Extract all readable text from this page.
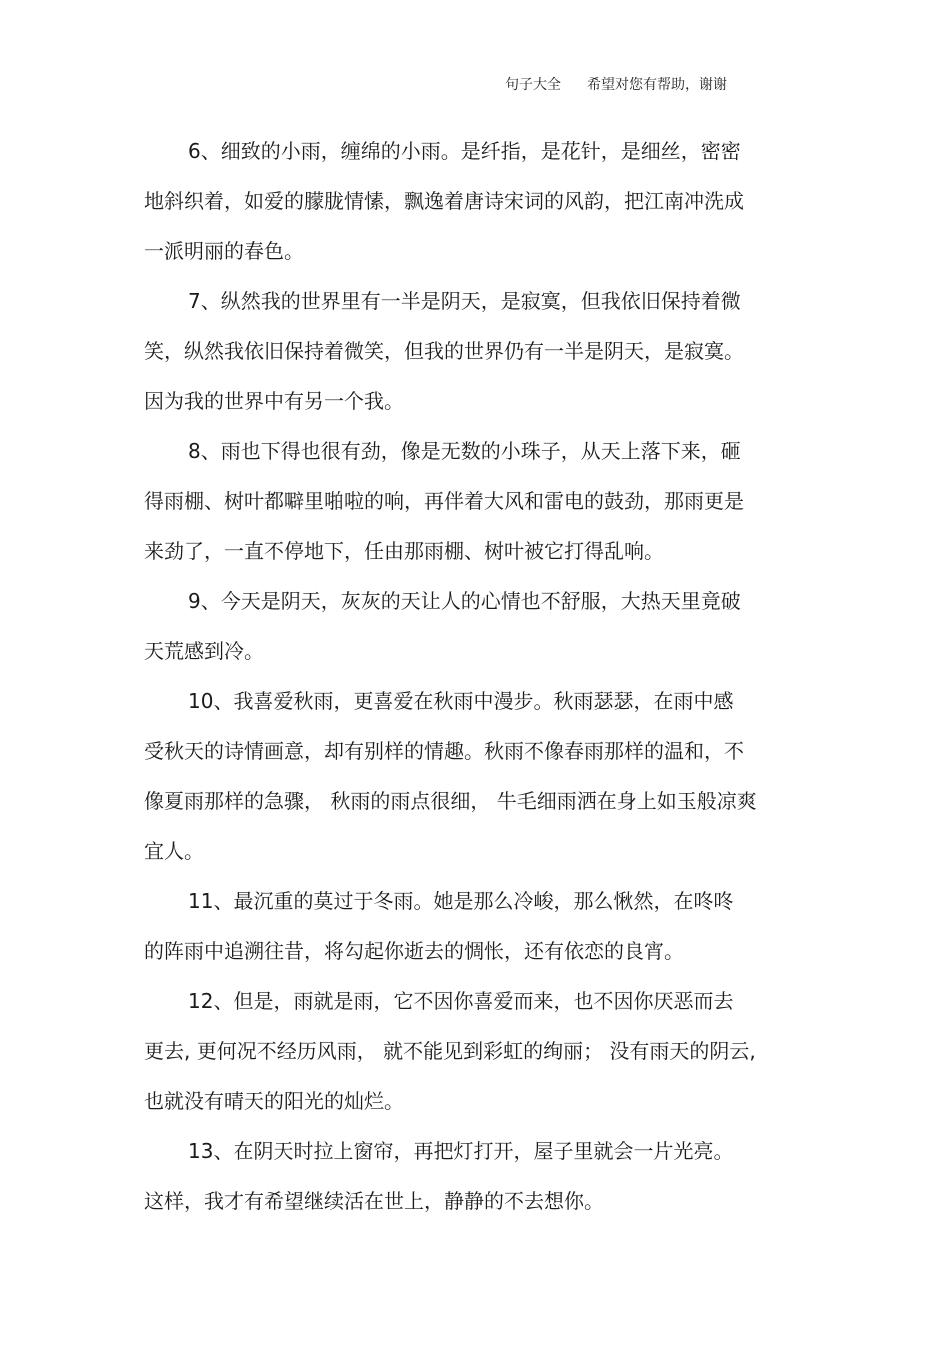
句子大全 希望对您有帮助，谢谢
6、细致的小雨，缠绵的小雨。是纤指，是花针，是细丝，密密
地斜织着，如爱的朦胧情愫，飘逸着唐诗宋词的风韵，把江南冲洗成
一派明丽的春色。
7、纵然我的世界里有一半是阴天，是寂寞，但我依旧保持着微
笑，纵然我依旧保持着微笑，但我的世界仍有一半是阴天，是寂寞。
因为我的世界中有另一个我。
8、雨也下得也很有劲，像是无数的小珠子，从天上落下来，砸
得雨棚、树叶都噼里啪啦的响，再伴着大风和雷电的鼓劲，那雨更是
来劲了，一直不停地下，任由那雨棚、树叶被它打得乱响。
9、今天是阴天，灰灰的天让人的心情也不舒服，大热天里竟破
天荒感到冷。
10、我喜爱秋雨，更喜爱在秋雨中漫步。秋雨瑟瑟，在雨中感
受秋天的诗情画意，却有别样的情趣。秋雨不像春雨那样的温和，不
像夏雨那样的急骤， 秋雨的雨点很细， 牛毛细雨洒在身上如玉般凉爽
宜人。
11、最沉重的莫过于冬雨。她是那么冷峻，那么愀然，在咚咚
的阵雨中追溯往昔，将勾起你逝去的惆怅，还有依恋的良宵。
12、但是，雨就是雨，它不因你喜爱而来，也不因你厌恶而去
更去, 更何况不经历风雨， 就不能见到彩虹的绚丽； 没有雨天的阴云,
也就没有晴天的阳光的灿烂。
13、在阴天时拉上窗帘，再把灯打开，屋子里就会一片光亮。
这样，我才有希望继续活在世上，静静的不去想你。
